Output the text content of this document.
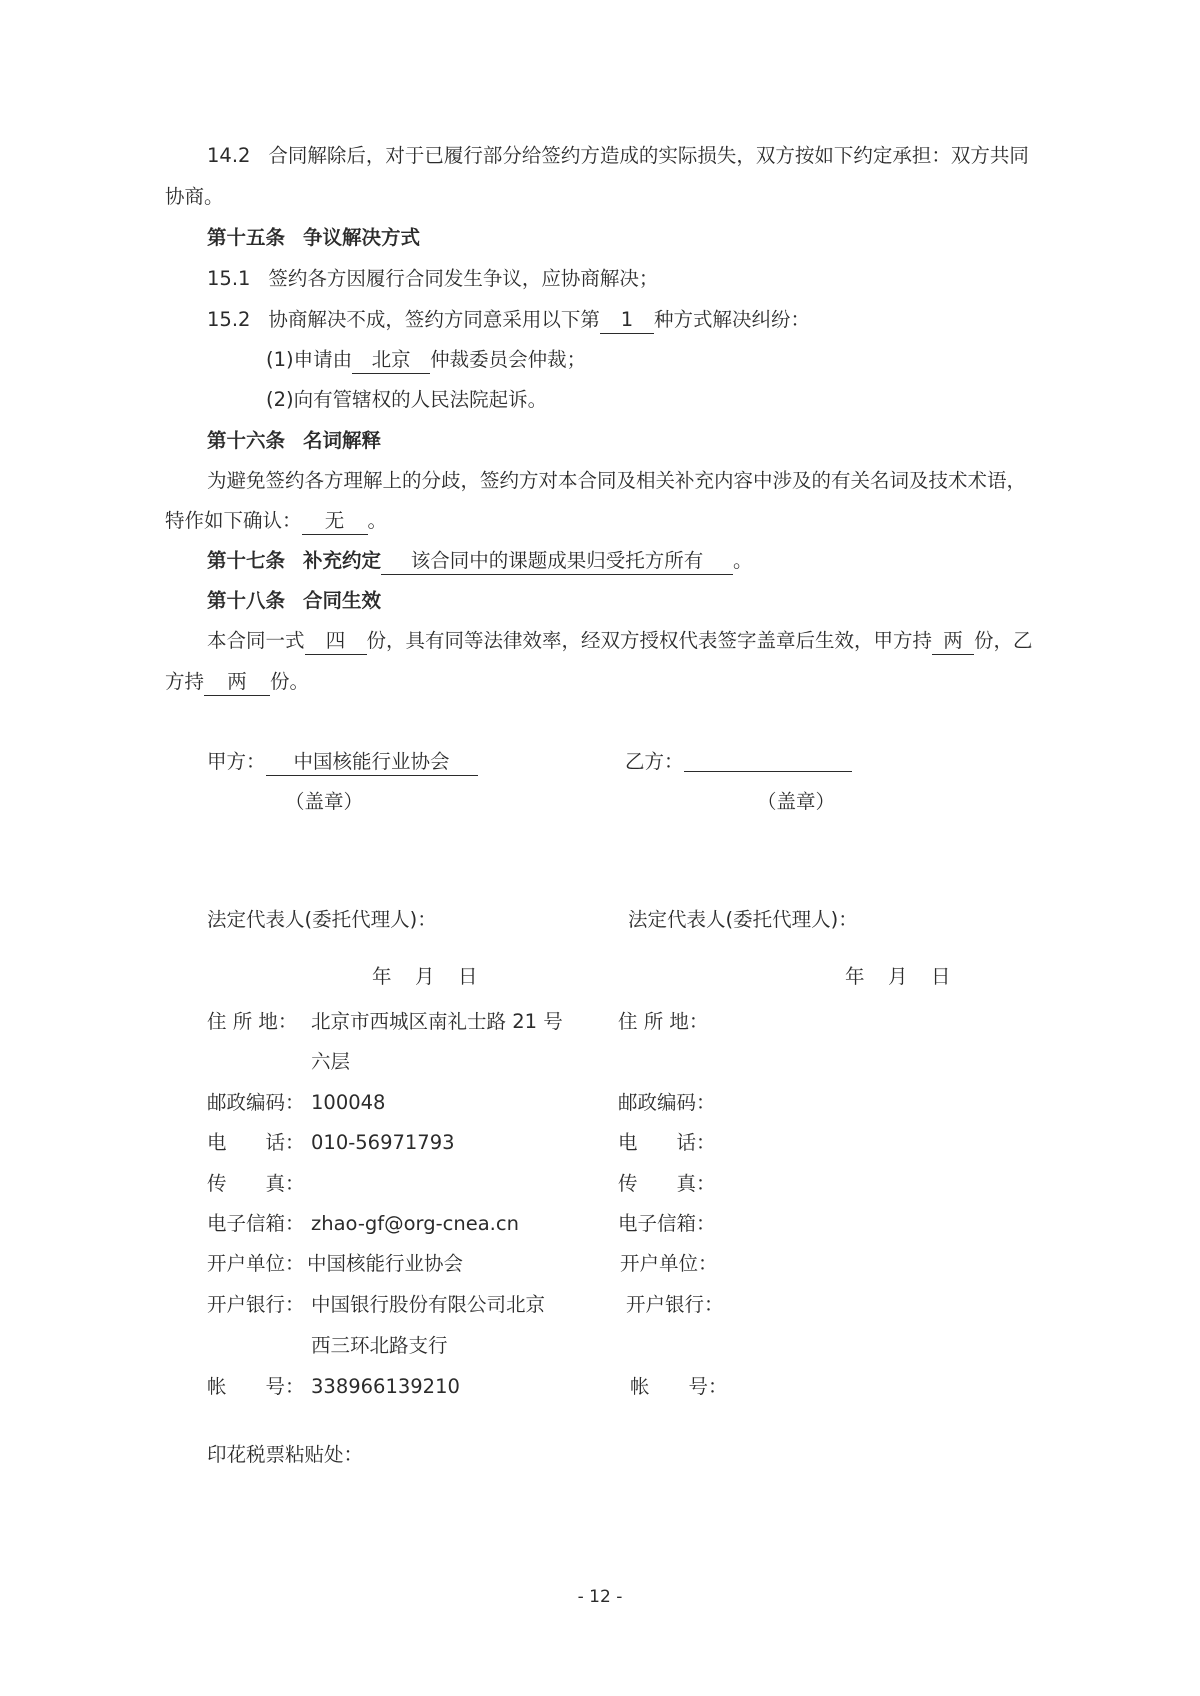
14.2 合同解除后，对于已履行部分给签约方造成的实际损失，双方按如下约定承担：双方共同
协商。
第十五条 争议解决方式
15.1 签约各方因履行合同发生争议，应协商解决；
15.2 协商解决不成，签约方同意采用以下第 1 种方式解决纠纷：
(1)申请由 北京 仲裁委员会仲裁；
(2)向有管辖权的人民法院起诉。
第十六条 名词解释
为避免签约各方理解上的分歧，签约方对本合同及相关补充内容中涉及的有关名词及技术术语，
特作如下确认： 无 。
第十七条 补充约定 该合同中的课题成果归受托方所有 。
第十八条 合同生效
本合同一式 四 份，具有同等法律效率，经双方授权代表签字盖章后生效，甲方持 两 份，乙
方持 两 份。
甲方： 中国核能行业协会
（盖章）
乙方：
（盖章）
法定代表人(委托代理人)：	法定代表人(委托代理人)：
年　月　日	年　月　日
住 所 地： 北京市西城区南礼士路 21 号
六层
邮政编码： 100048
电　　话： 010-56971793
传　　真：
电子信箱： zhao-gf@org-cnea.cn
开户单位： 中国核能行业协会
开户银行： 中国银行股份有限公司北京
西三环北路支行
帐　　号： 338966139210
住 所 地：
邮政编码：
电　　话：
传　　真：
电子信箱：
开户单位：
开户银行：
帐　　号：
印花税票粘贴处：
- 12 -
